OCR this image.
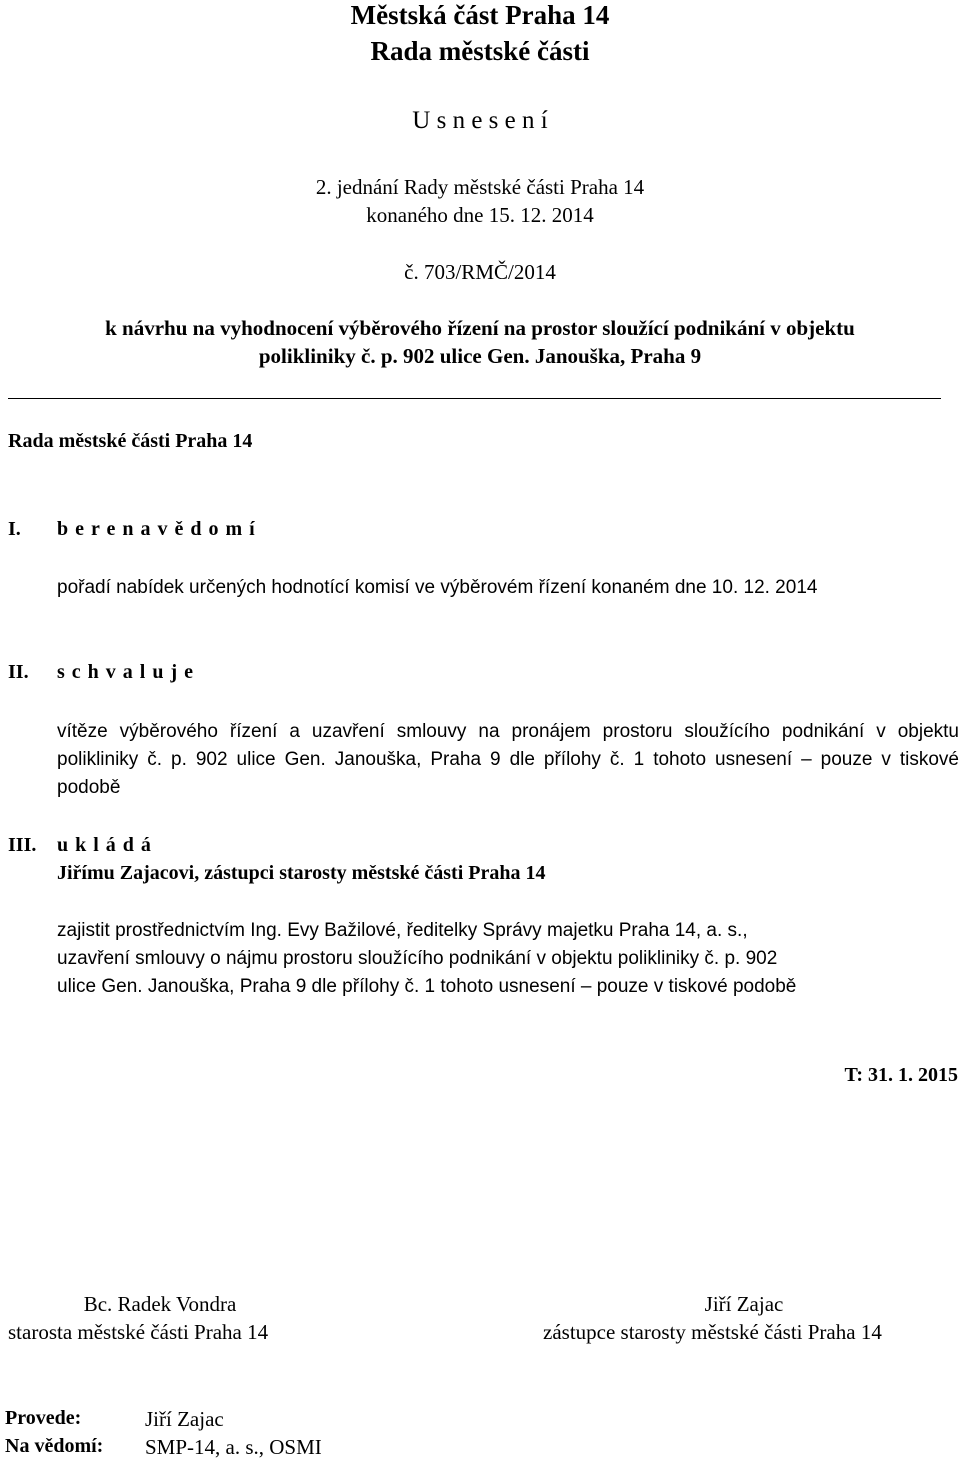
Městská část Praha 14
Rada městské části
U s n e s e n í
2. jednání Rady městské části Praha 14
konaného dne 15. 12. 2014
č. 703/RMČ/2014
k návrhu na vyhodnocení výběrového řízení na prostor sloužící podnikání v objektu
polikliniky č. p. 902 ulice Gen. Janouška, Praha 9
Rada městské části Praha 14
I. b e r e n a v ě d o m í
pořadí nabídek určených hodnotící komisí ve výběrovém řízení konaném dne 10. 12. 2014
II. s c h v a l u j e
vítěze výběrového řízení a uzavření smlouvy na pronájem prostoru sloužícího podnikání v objektu polikliniky č. p. 902 ulice Gen. Janouška, Praha 9 dle přílohy č. 1 tohoto usnesení – pouze v tiskové podobě
III. u k l á d á
Jiřímu Zajacovi, zástupci starosty městské části Praha 14
zajistit prostřednictvím Ing. Evy Bažilové, ředitelky Správy majetku Praha 14, a. s.,
uzavření smlouvy o nájmu prostoru sloužícího podnikání v objektu polikliniky č. p. 902
ulice Gen. Janouška, Praha 9 dle přílohy č. 1 tohoto usnesení – pouze v tiskové podobě
T: 31. 1. 2015
Bc. Radek Vondra
starosta městské části Praha 14
Jiří Zajac
zástupce starosty městské části Praha 14
Provede:	Jiří Zajac
Na vědomí: SMP-14, a. s., OSMI
